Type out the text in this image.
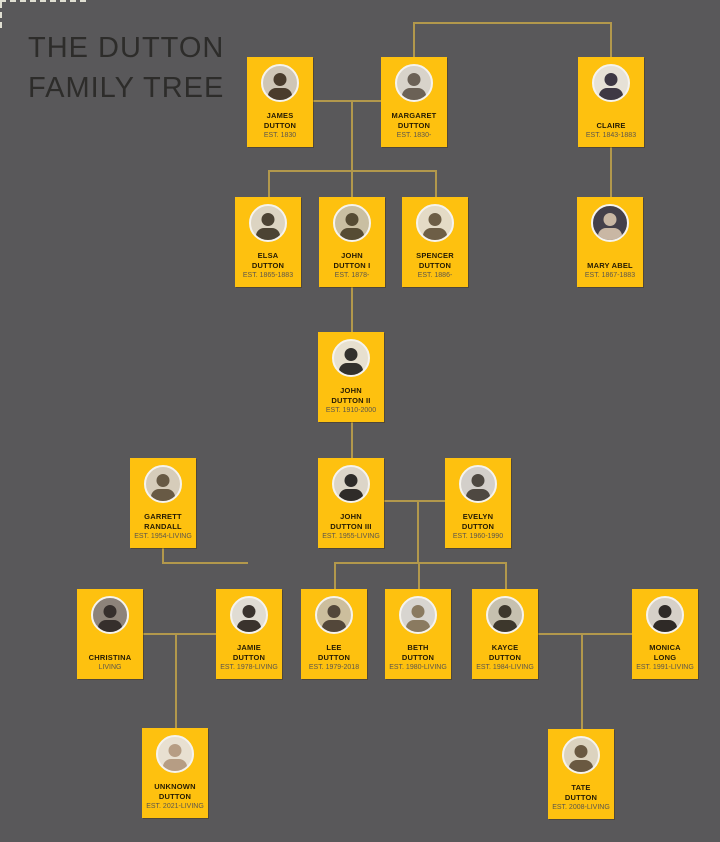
THE DUTTON
FAMILY TREE
JAMES
DUTTON
EST. 1830
MARGARET
DUTTON
EST. 1830-
CLAIRE
EST. 1843-1883
ELSA
DUTTON
EST. 1865-1883
JOHN
DUTTON I
EST. 1878-
SPENCER
DUTTON
EST. 1886-
MARY ABEL
EST. 1867-1883
JOHN
DUTTON II
EST. 1910-2000
GARRETT
RANDALL
EST. 1954-LIVING
JOHN
DUTTON III
EST. 1955-LIVING
EVELYN
DUTTON
EST. 1960-1990
CHRISTINA
LIVING
JAMIE
DUTTON
EST. 1978-LIVING
LEE
DUTTON
EST. 1979-2018
BETH
DUTTON
EST. 1980-LIVING
KAYCE
DUTTON
EST. 1984-LIVING
MONICA
LONG
EST. 1991-LIVING
UNKNOWN
DUTTON
EST. 2021-LIVING
TATE
DUTTON
EST. 2008-LIVING
